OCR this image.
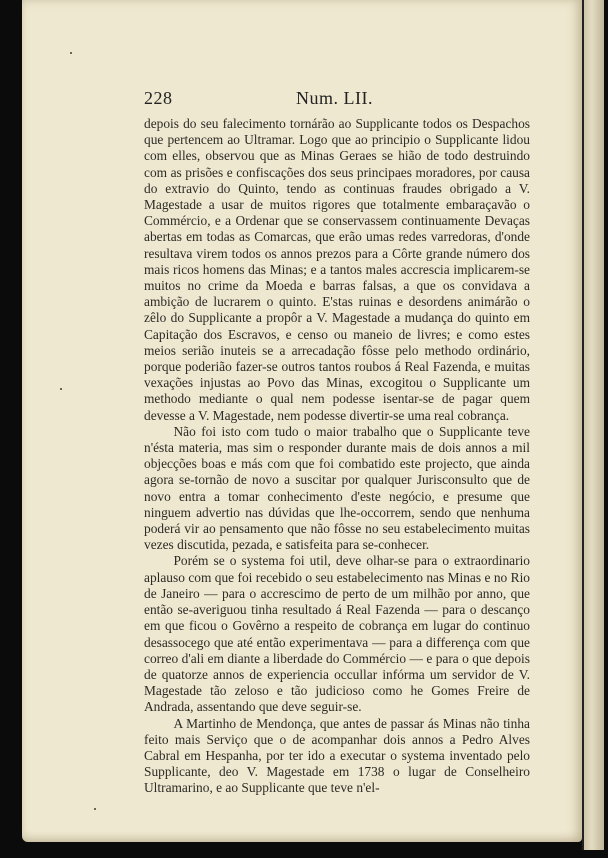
228	Num. LII.

depois do seu falecimento tornárão ao Supplicante todos os Despachos que pertencem ao Ultramar. Logo que ao principio o Supplicante lidou com elles, observou que as Minas Geraes se hião de todo destruindo com as prisões e confiscações dos seus principaes moradores, por causa do extravio do Quinto, tendo as continuas fraudes obrigado a V. Magestade a usar de muitos rigores que totalmente embaraçavão o Commércio, e a Ordenar que se conservassem continuamente Devaças abertas em todas as Comarcas, que erão umas redes varredoras, d'onde resultava virem todos os annos prezos para a Côrte grande número dos mais ricos homens das Minas; e a tantos males accrescia implicarem-se muitos no crime da Moeda e barras falsas, a que os convidava a ambição de lucrarem o quinto. E'stas ruinas e desordens animárão o zêlo do Supplicante a propôr a V. Magestade a mudança do quinto em Capitação dos Escravos, e censo ou maneio de livres; e como estes meios serião inuteis se a arrecadação fôsse pelo methodo ordinário, porque poderião fazer-se outros tantos roubos á Real Fazenda, e muitas vexações injustas ao Povo das Minas, excogitou o Supplicante um methodo mediante o qual nem podesse isentar-se de pagar quem devesse a V. Magestade, nem podesse divertir-se uma real cobrança.

Não foi isto com tudo o maior trabalho que o Supplicante teve n'ésta materia, mas sim o responder durante mais de dois annos a mil objecções boas e más com que foi combatido este projecto, que ainda agora se-tornão de novo a suscitar por qualquer Jurisconsulto que de novo entra a tomar conhecimento d'este negócio, e presume que ninguem advertio nas dúvidas que lhe-occorrem, sendo que nenhuma poderá vir ao pensamento que não fôsse no seu estabelecimento muitas vezes discutida, pezada, e satisfeita para se-conhecer.

Porém se o systema foi util, deve olhar-se para o extraordinario aplauso com que foi recebido o seu estabelecimento nas Minas e no Rio de Janeiro — para o accrescimo de perto de um milhão por anno, que então se-averiguou tinha resultado á Real Fazenda — para o descanço em que ficou o Govêrno a respeito de cobrança em lugar do continuo desassocego que até então experimentava — para a differença com que correo d'ali em diante a liberdade do Commércio — e para o que depois de quatorze annos de experiencia occullar infórma um servidor de V. Magestade tão zeloso e tão judicioso como he Gomes Freire de Andrada, assentando que deve seguir-se.

A Martinho de Mendonça, que antes de passar ás Minas não tinha feito mais Serviço que o de acompanhar dois annos a Pedro Alves Cabral em Hespanha, por ter ido a executar o systema inventado pelo Supplicante, deo V. Magestade em 1738 o lugar de Conselheiro Ultramarino, e ao Supplicante que teve n'el-
